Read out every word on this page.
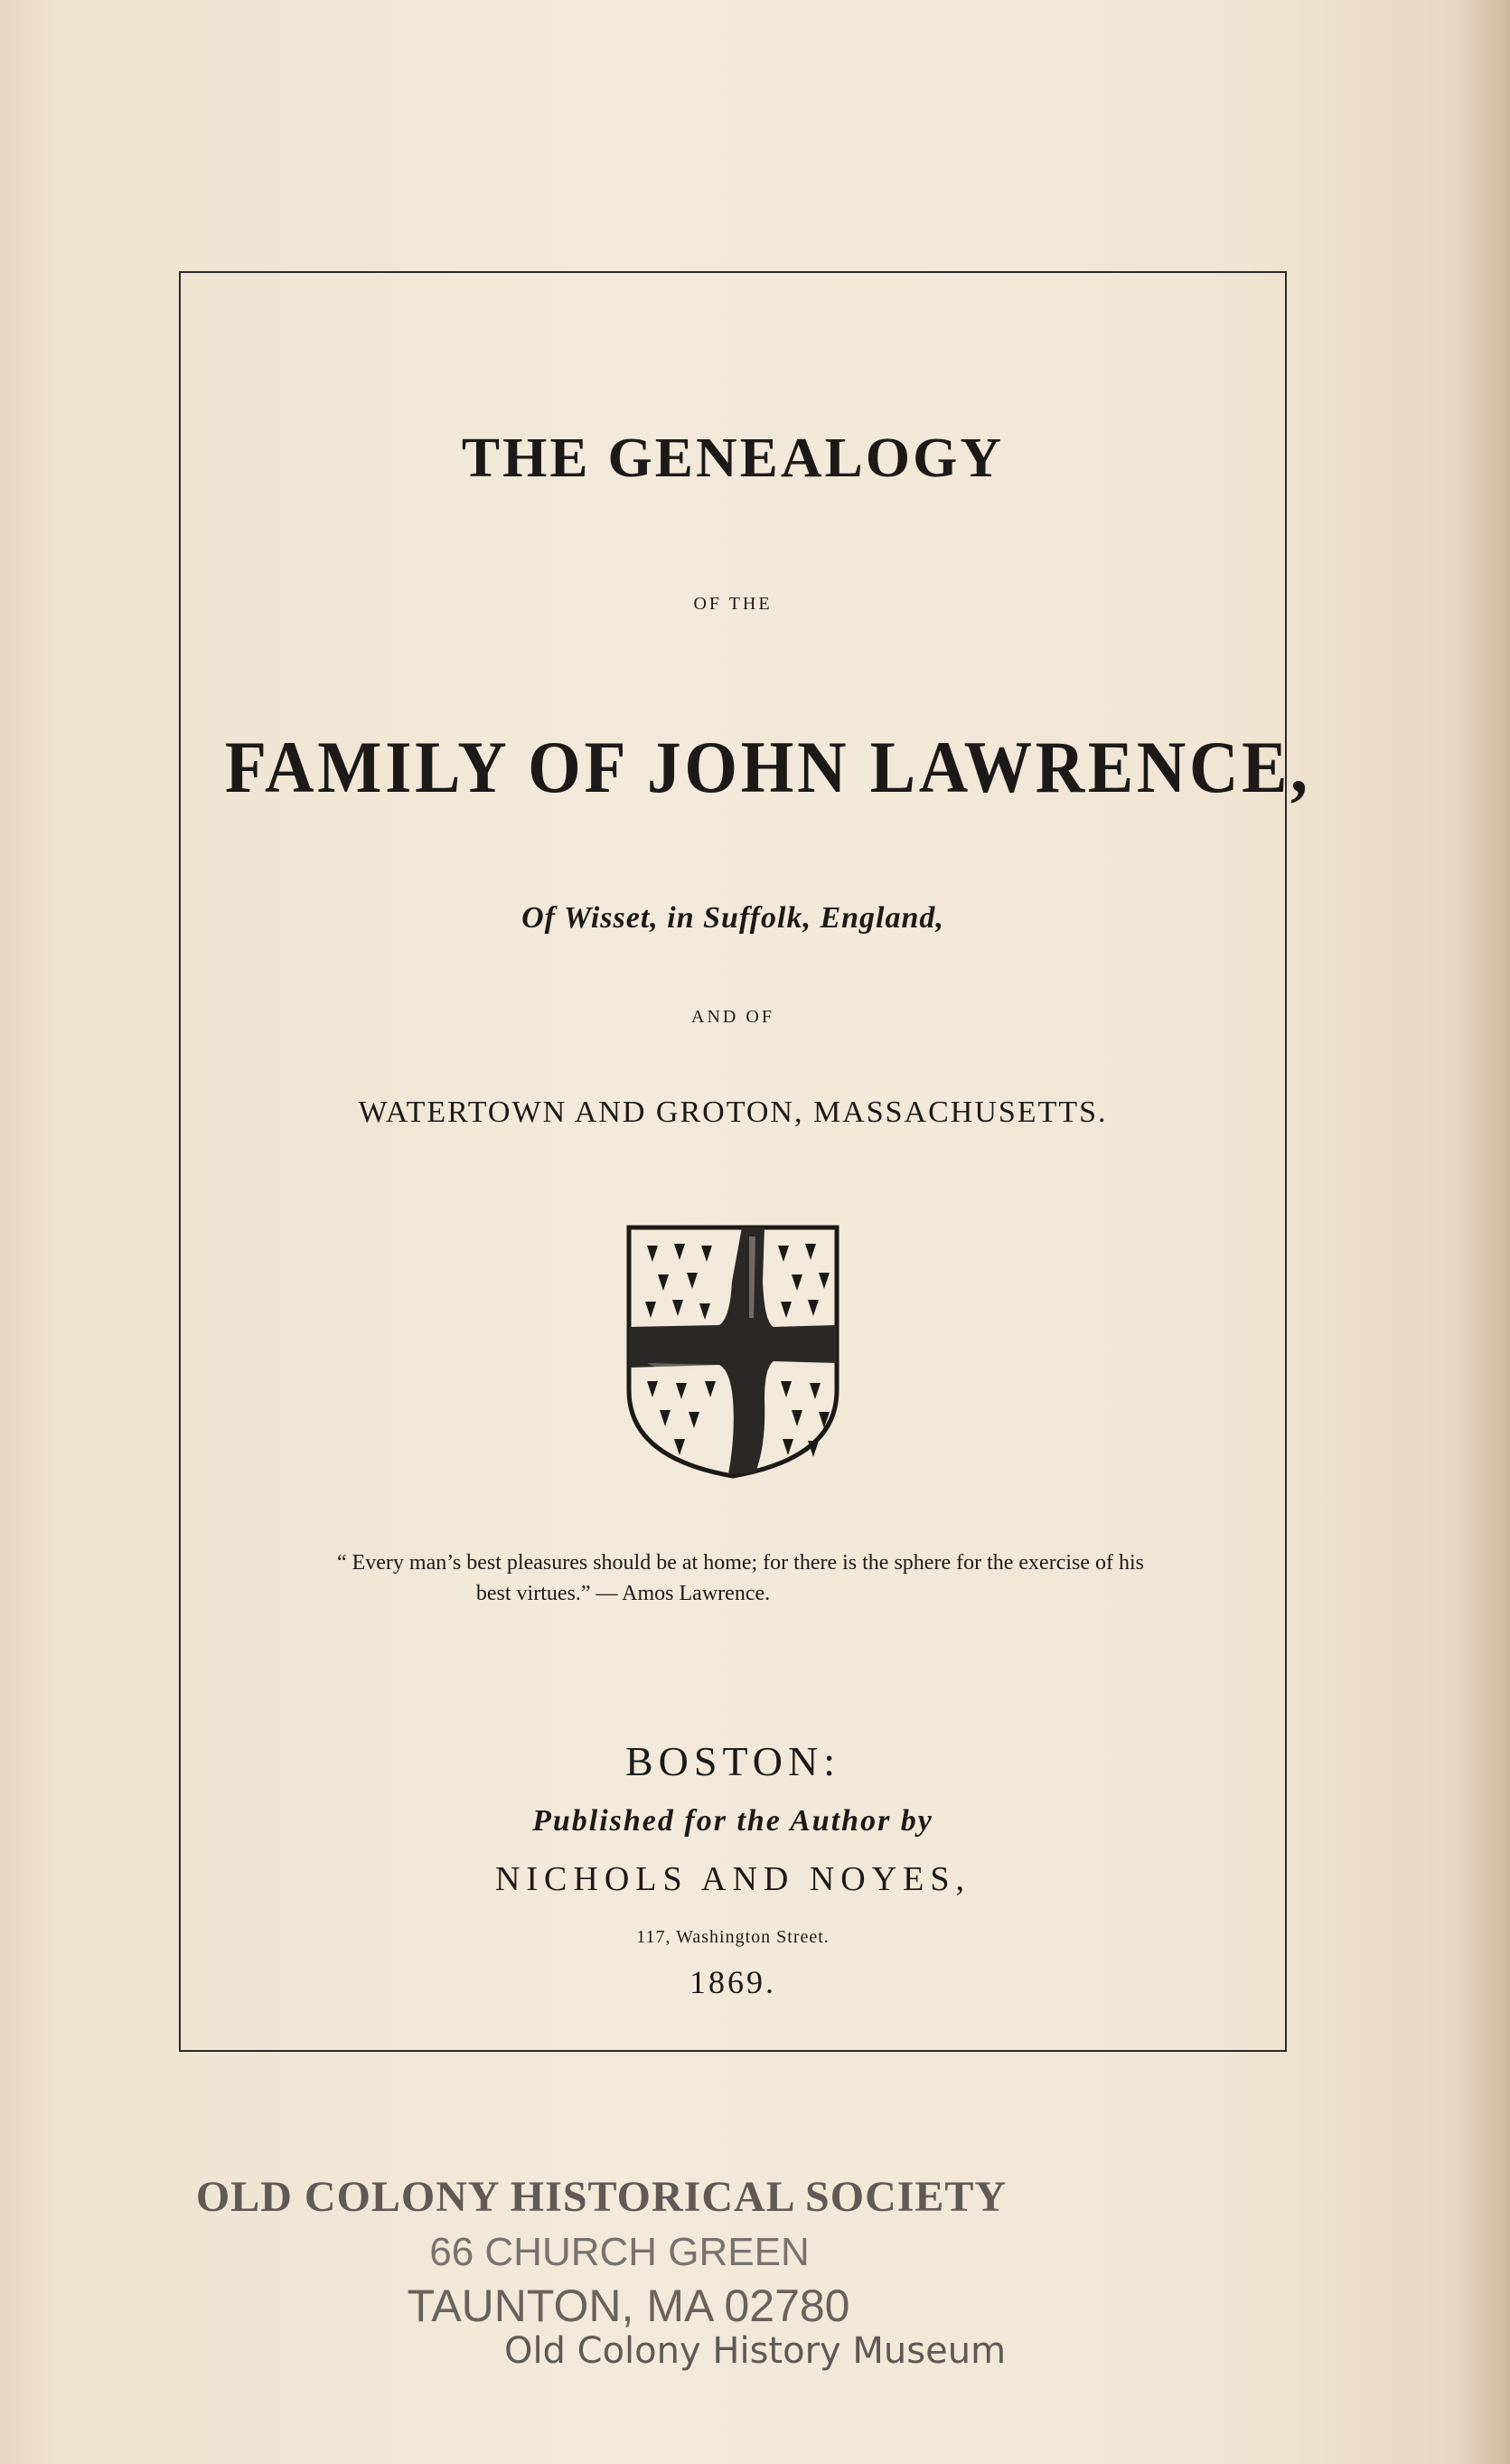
THE GENEALOGY
OF THE
FAMILY OF JOHN LAWRENCE,
Of Wisset, in Suffolk, England,
AND OF
WATERTOWN AND GROTON, MASSACHUSETTS.
“ Every man’s best pleasures should be at home; for there is the sphere for the exercise of his
best virtues.” — Amos Lawrence.
BOSTON:
Published for the Author by
NICHOLS AND NOYES,
117, Washington Street.
1869.
OLD COLONY HISTORICAL SOCIETY
66 CHURCH GREEN
TAUNTON, MA 02780
Old Colony History Museum
